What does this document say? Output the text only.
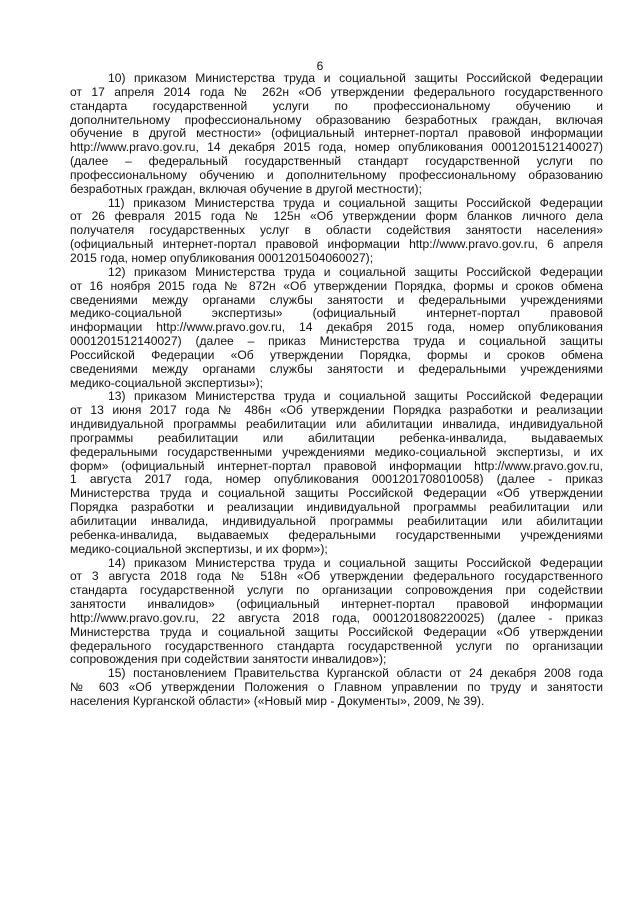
6
10) приказом Министерства труда и социальной защиты Российской Федерации
от 17 апреля 2014 года № 262н «Об утверждении федерального государственного
стандарта государственной услуги по профессиональному обучению и
дополнительному профессиональному образованию безработных граждан, включая
обучение в другой местности» (официальный интернет-портал правовой информации
http://www.pravo.gov.ru, 14 декабря 2015 года, номер опубликования 0001201512140027)
(далее – федеральный государственный стандарт государственной услуги по
профессиональному обучению и дополнительному профессиональному образованию
безработных граждан, включая обучение в другой местности);
11) приказом Министерства труда и социальной защиты Российской Федерации
от 26 февраля 2015 года № 125н «Об утверждении форм бланков личного дела
получателя государственных услуг в области содействия занятости населения»
(официальный интернет-портал правовой информации http://www.pravo.gov.ru, 6 апреля
2015 года, номер опубликования 0001201504060027);
12) приказом Министерства труда и социальной защиты Российской Федерации
от 16 ноября 2015 года № 872н «Об утверждении Порядка, формы и сроков обмена
сведениями между органами службы занятости и федеральными учреждениями
медико-социальной экспертизы» (официальный интернет-портал правовой
информации http://www.pravo.gov.ru, 14 декабря 2015 года, номер опубликования
0001201512140027) (далее – приказ Министерства труда и социальной защиты
Российской Федерации «Об утверждении Порядка, формы и сроков обмена
сведениями между органами службы занятости и федеральными учреждениями
медико-социальной экспертизы»);
13) приказом Министерства труда и социальной защиты Российской Федерации
от 13 июня 2017 года № 486н «Об утверждении Порядка разработки и реализации
индивидуальной программы реабилитации или абилитации инвалида, индивидуальной
программы реабилитации или абилитации ребенка-инвалида, выдаваемых
федеральными государственными учреждениями медико-социальной экспертизы, и их
форм» (официальный интернет-портал правовой информации http://www.pravo.gov.ru,
1 августа 2017 года, номер опубликования 0001201708010058) (далее - приказ
Министерства труда и социальной защиты Российской Федерации «Об утверждении
Порядка разработки и реализации индивидуальной программы реабилитации или
абилитации инвалида, индивидуальной программы реабилитации или абилитации
ребенка-инвалида, выдаваемых федеральными государственными учреждениями
медико-социальной экспертизы, и их форм»);
14) приказом Министерства труда и социальной защиты Российской Федерации
от 3 августа 2018 года № 518н «Об утверждении федерального государственного
стандарта государственной услуги по организации сопровождения при содействии
занятости инвалидов» (официальный интернет-портал правовой информации
http://www.pravo.gov.ru, 22 августа 2018 года, 0001201808220025) (далее - приказ
Министерства труда и социальной защиты Российской Федерации «Об утверждении
федерального государственного стандарта государственной услуги по организации
сопровождения при содействии занятости инвалидов»);
15) постановлением Правительства Курганской области от 24 декабря 2008 года
№ 603 «Об утверждении Положения о Главном управлении по труду и занятости
населения Курганской области» («Новый мир - Документы», 2009, № 39).
